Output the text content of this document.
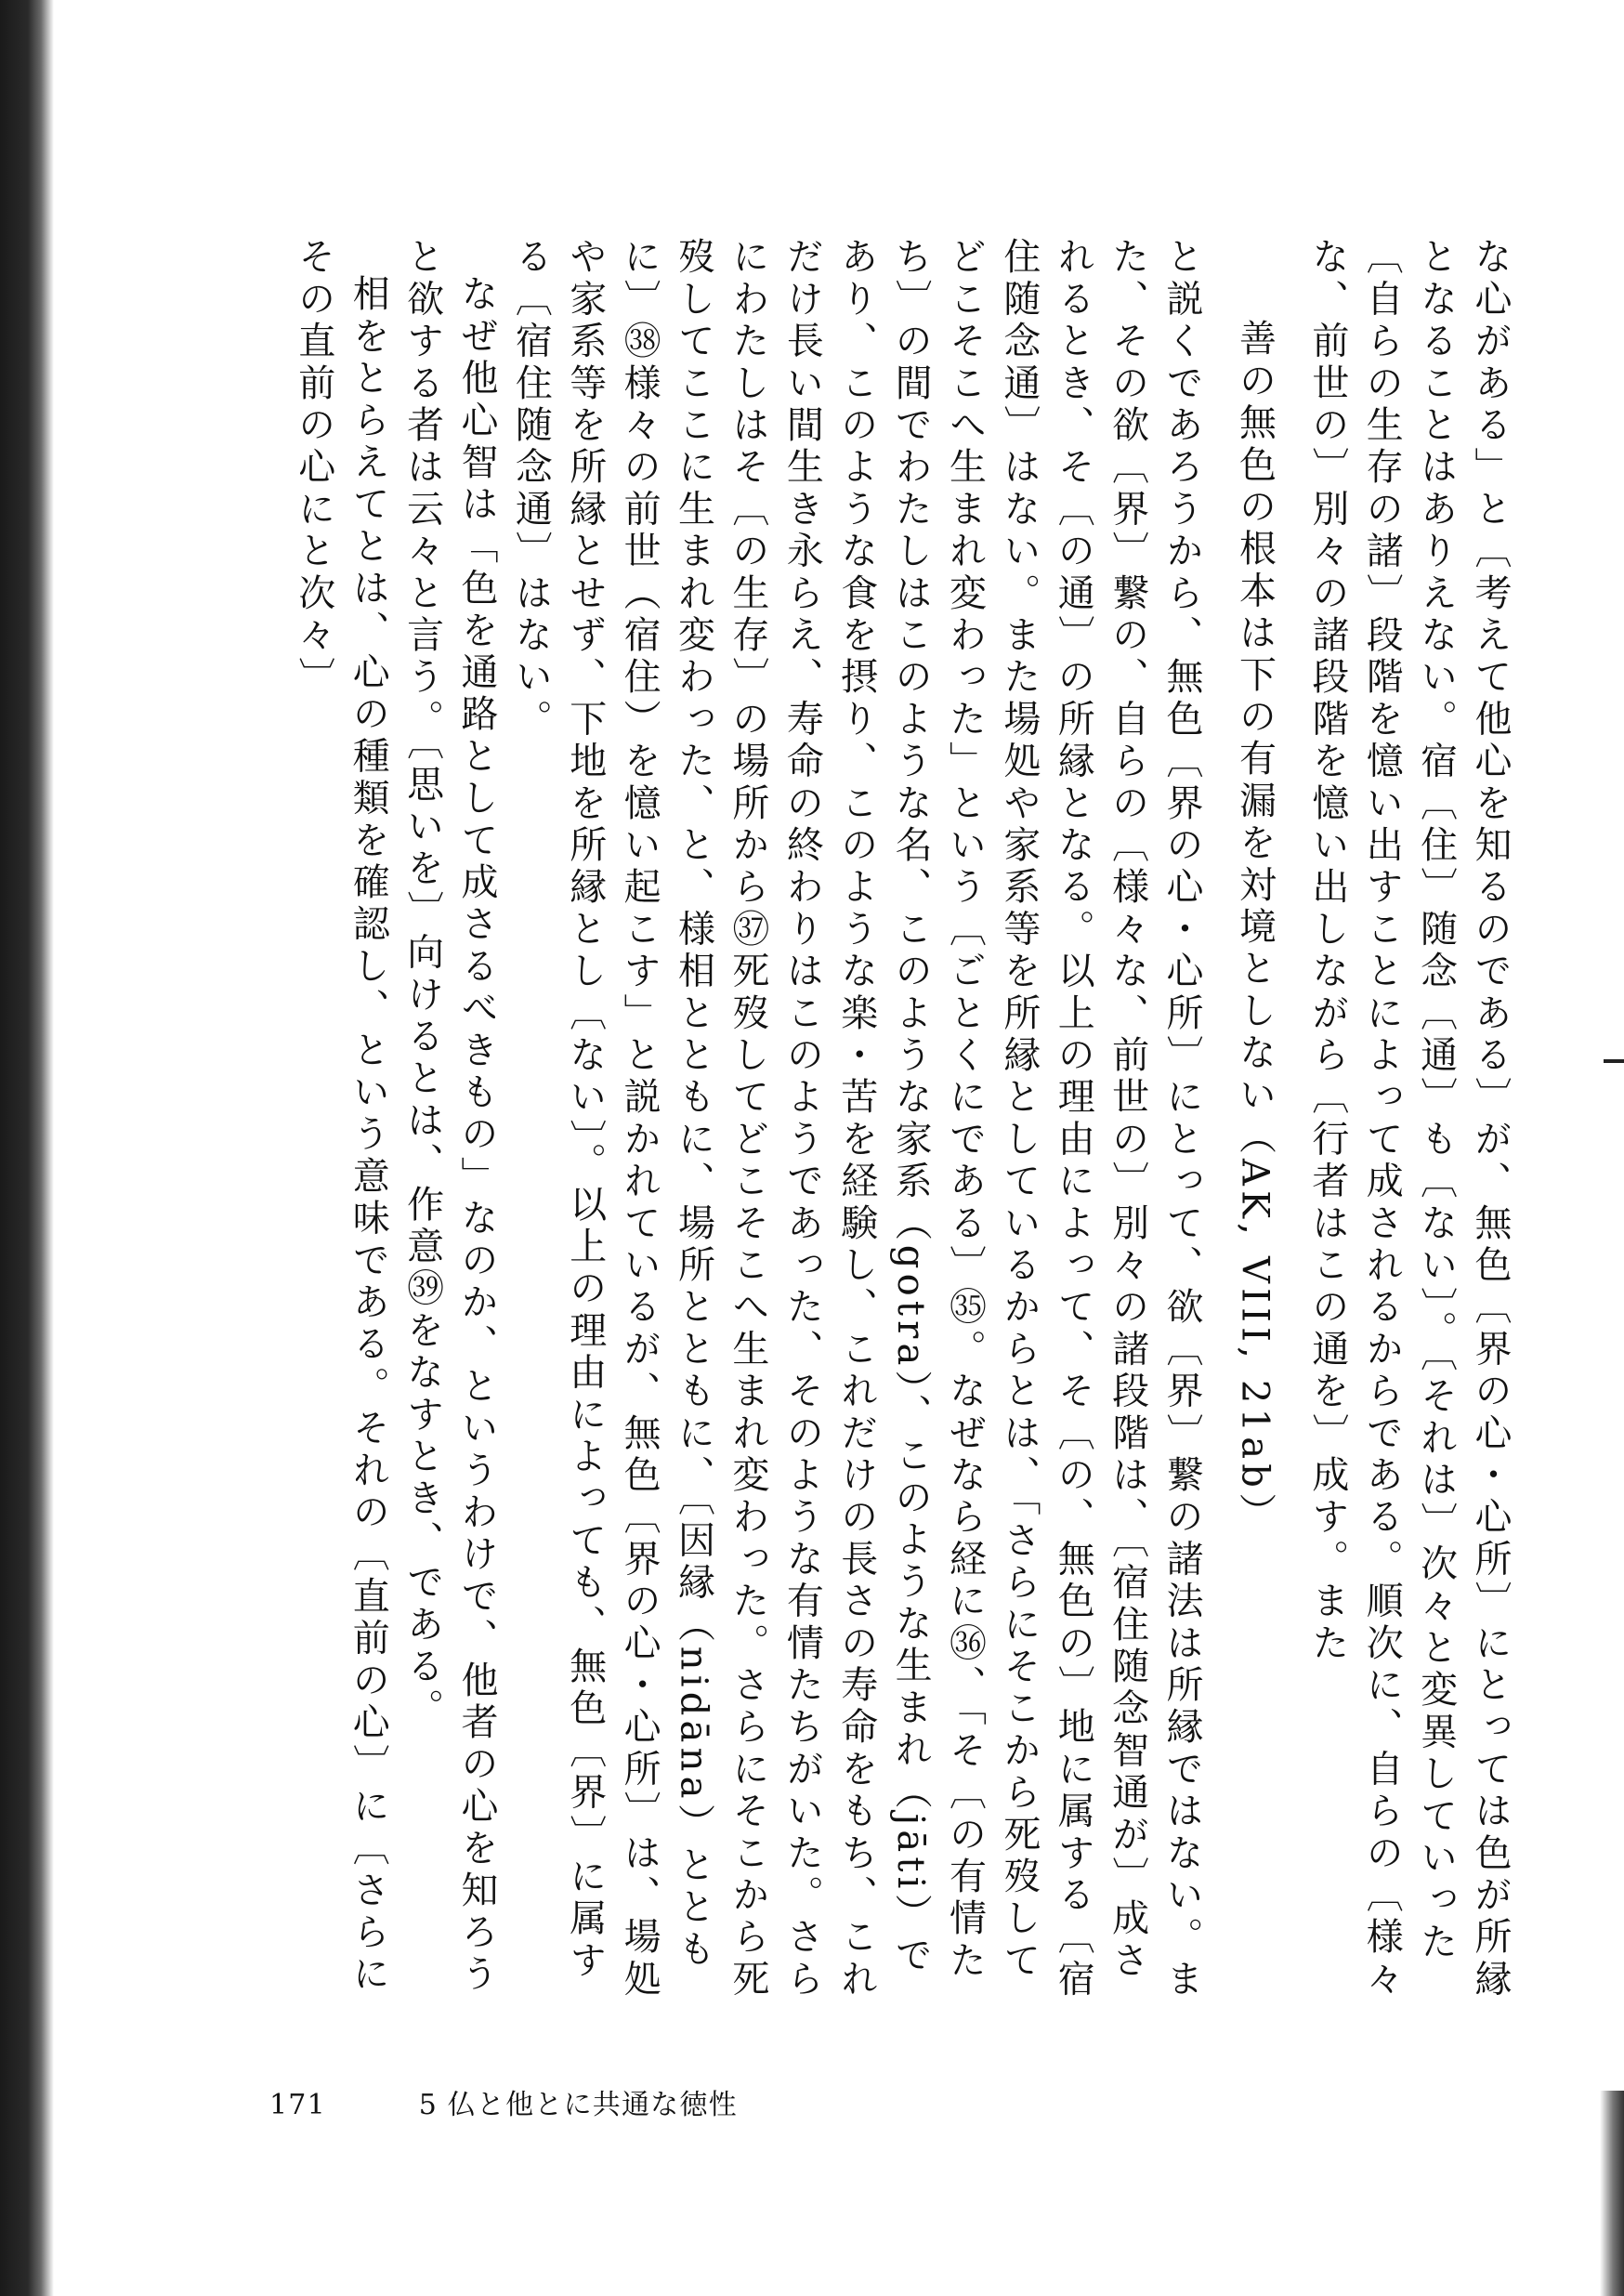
な心がある」と〔考えて他心を知るのである〕が、無色〔界の心・心所〕にとっては色が所縁となることはありえない。宿〔住〕随念〔通〕も〔ない〕。〔それは〕次々と変異していった〔自らの生存の諸〕段階を憶い出すことによって成されるからである。順次に、自らの〔様々な、前世の〕別々の諸段階を憶い出しながら〔行者はこの通を〕成す。また

善の無色の根本は下の有漏を対境としない（AK, VIII, 21ab）

と説くであろうから、無色〔界の心・心所〕にとって、欲〔界〕繋の諸法は所縁ではない。また、その欲〔界〕繋の、自らの〔様々な、前世の〕別々の諸段階は、〔宿住随念智通が〕成されるとき、そ〔の通〕の所縁となる。以上の理由によって、そ〔の、無色の〕地に属する〔宿住随念通〕はない。また場処や家系等を所縁としているからとは、「さらにそこから死歿してどこそこへ生まれ変わった」という〔ごとくにである〕㉟。なぜなら経に㊱、「そ〔の有情たち〕の間でわたしはこのような名、このような家系（gotra）、このような生まれ（jāti）であり、このような食を摂り、このような楽・苦を経験し、これだけの長さの寿命をもち、これだけ長い間生き永らえ、寿命の終わりはこのようであった、そのような有情たちがいた。さらにわたしはそ〔の生存〕の場所から㊲死歿してどこそこへ生まれ変わった。さらにそこから死歿してここに生まれ変わった、と、様相とともに、場所とともに、〔因縁（nidāna）とともに〕㊳様々の前世（宿住）を憶い起こす」と説かれているが、無色〔界の心・心所〕は、場処や家系等を所縁とせず、下地を所縁とし〔ない〕。以上の理由によっても、無色〔界〕に属する〔宿住随念通〕はない。

なぜ他心智は「色を通路として成さるべきもの」なのか、というわけで、他者の心を知ろうと欲する者は云々と言う。〔思いを〕向けるとは、作意㊴をなすとき、である。

相をとらえてとは、心の種類を確認し、という意味である。それの〔直前の心〕に〔さらにその直前の心にと次々〕

171	5 仏と他とに共通な徳性
